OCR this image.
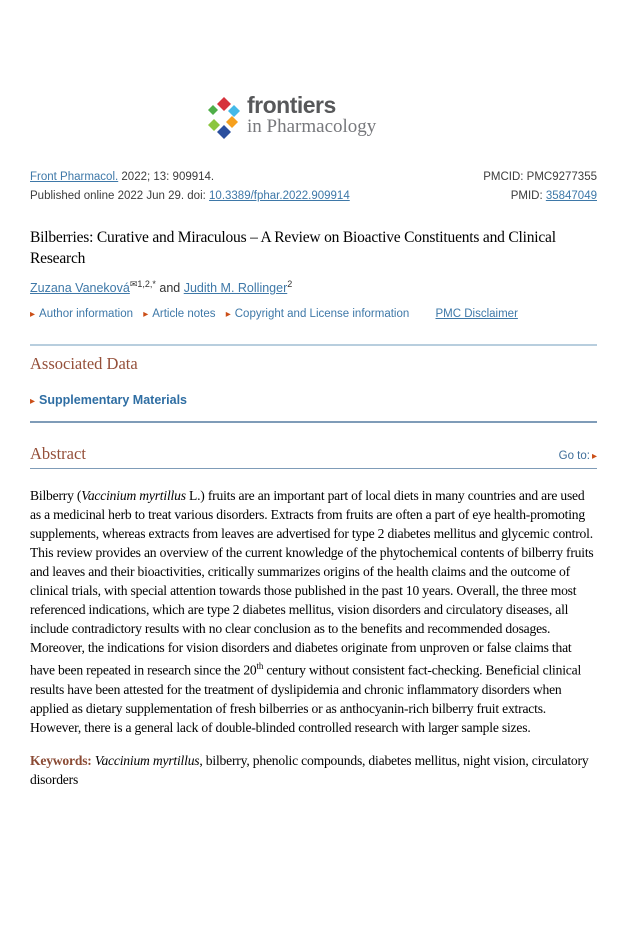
frontiers
in Pharmacology
Front Pharmacol. 2022; 13: 909914.	PMCID: PMC9277355
Published online 2022 Jun 29. doi: 10.3389/fphar.2022.909914	PMID: 35847049
Bilberries: Curative and Miraculous – A Review on Bioactive Constituents and Clinical Research
Zuzana Vaneková$^{✉1,2,*}$ and Judith M. Rollinger$^2$
▸ Author information ▸ Article notes ▸ Copyright and License information PMC Disclaimer
Associated Data
▸ Supplementary Materials
Abstract	Go to: ▸

Bilberry (Vaccinium myrtillus L.) fruits are an important part of local diets in many countries and are used as a medicinal herb to treat various disorders. Extracts from fruits are often a part of eye health-promoting supplements, whereas extracts from leaves are advertised for type 2 diabetes mellitus and glycemic control. This review provides an overview of the current knowledge of the phytochemical contents of bilberry fruits and leaves and their bioactivities, critically summarizes origins of the health claims and the outcome of clinical trials, with special attention towards those published in the past 10 years. Overall, the three most referenced indications, which are type 2 diabetes mellitus, vision disorders and circulatory diseases, all include contradictory results with no clear conclusion as to the benefits and recommended dosages. Moreover, the indications for vision disorders and diabetes originate from unproven or false claims that have been repeated in research since the 20th century without consistent fact-checking. Beneficial clinical results have been attested for the treatment of dyslipidemia and chronic inflammatory disorders when applied as dietary supplementation of fresh bilberries or as anthocyanin-rich bilberry fruit extracts. However, there is a general lack of double-blinded controlled research with larger sample sizes.

Keywords: Vaccinium myrtillus, bilberry, phenolic compounds, diabetes mellitus, night vision, circulatory disorders
